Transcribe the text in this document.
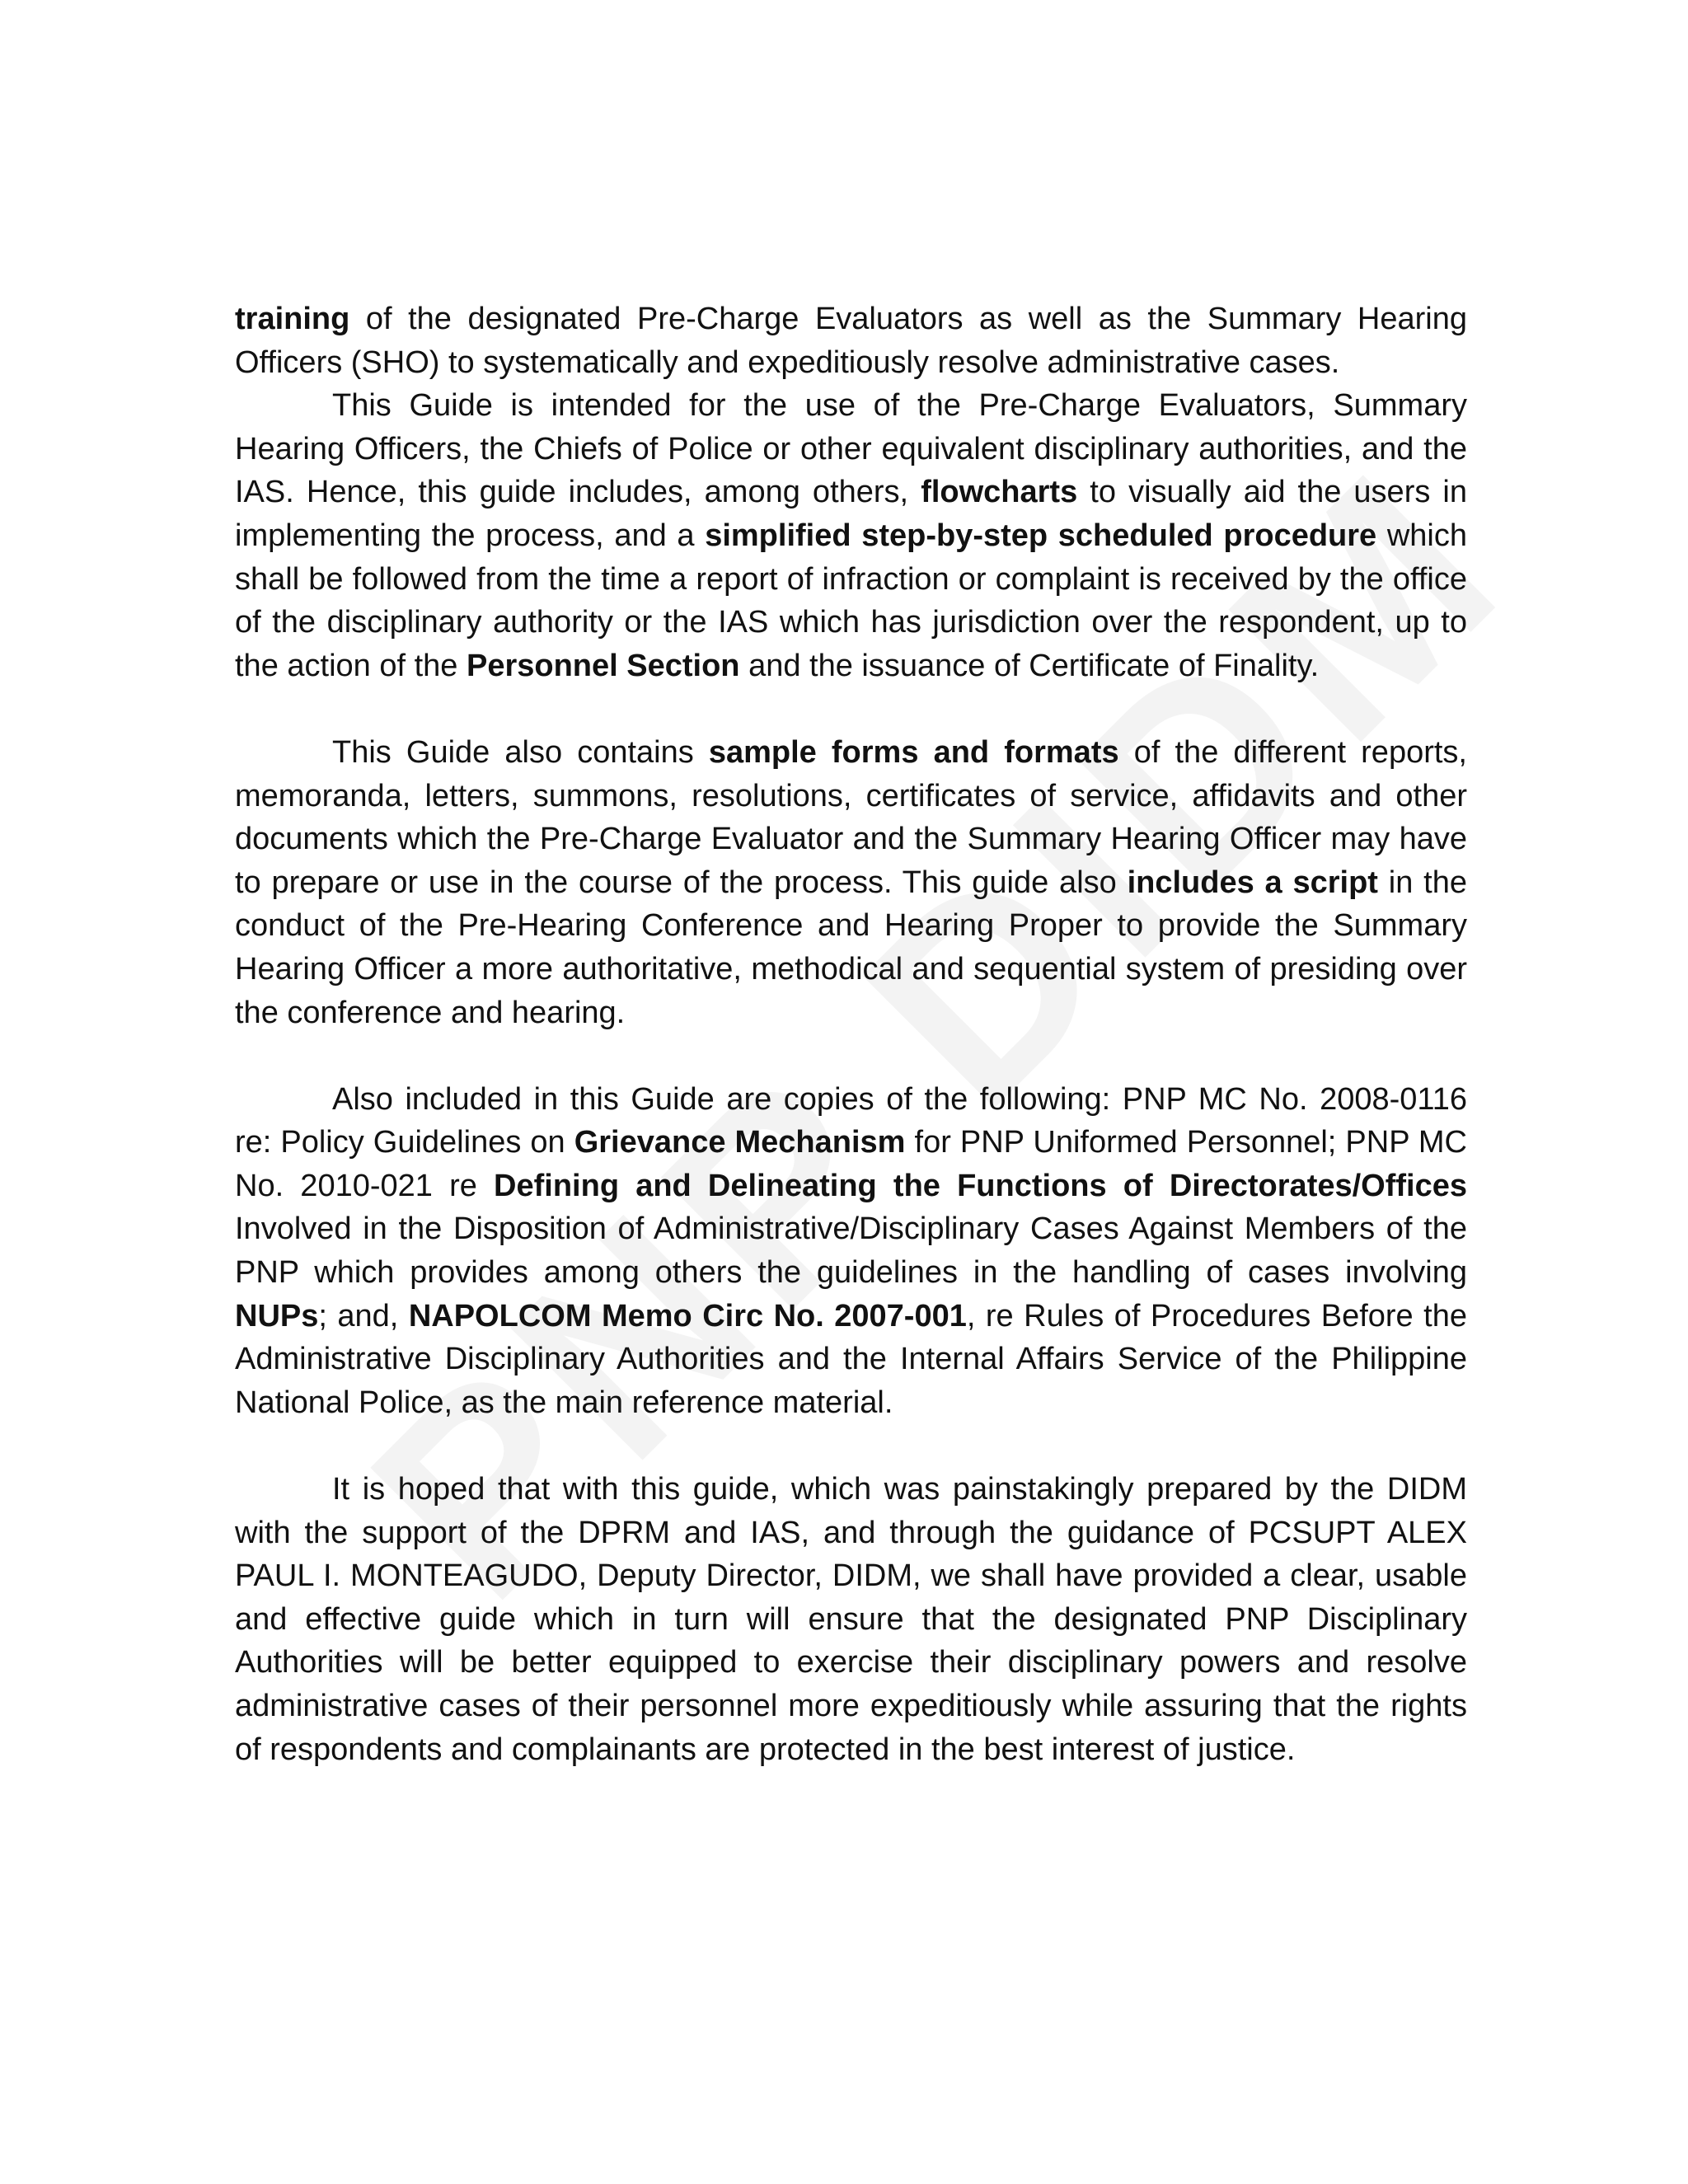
training of the designated Pre-Charge Evaluators as well as the Summary Hearing Officers (SHO) to systematically and expeditiously resolve administrative cases.

This Guide is intended for the use of the Pre-Charge Evaluators, Summary Hearing Officers, the Chiefs of Police or other equivalent disciplinary authorities, and the IAS. Hence, this guide includes, among others, flowcharts to visually aid the users in implementing the process, and a simplified step-by-step scheduled procedure which shall be followed from the time a report of infraction or complaint is received by the office of the disciplinary authority or the IAS which has jurisdiction over the respondent, up to the action of the Personnel Section and the issuance of Certificate of Finality.

This Guide also contains sample forms and formats of the different reports, memoranda, letters, summons, resolutions, certificates of service, affidavits and other documents which the Pre-Charge Evaluator and the Summary Hearing Officer may have to prepare or use in the course of the process. This guide also includes a script in the conduct of the Pre-Hearing Conference and Hearing Proper to provide the Summary Hearing Officer a more authoritative, methodical and sequential system of presiding over the conference and hearing.

Also included in this Guide are copies of the following: PNP MC No. 2008-0116 re: Policy Guidelines on Grievance Mechanism for PNP Uniformed Personnel; PNP MC No. 2010-021 re Defining and Delineating the Functions of Directorates/Offices Involved in the Disposition of Administrative/Disciplinary Cases Against Members of the PNP which provides among others the guidelines in the handling of cases involving NUPs; and, NAPOLCOM Memo Circ No. 2007-001, re Rules of Procedures Before the Administrative Disciplinary Authorities and the Internal Affairs Service of the Philippine National Police, as the main reference material.

It is hoped that with this guide, which was painstakingly prepared by the DIDM with the support of the DPRM and IAS, and through the guidance of PCSUPT ALEX PAUL I. MONTEAGUDO, Deputy Director, DIDM, we shall have provided a clear, usable and effective guide which in turn will ensure that the designated PNP Disciplinary Authorities will be better equipped to exercise their disciplinary powers and resolve administrative cases of their personnel more expeditiously while assuring that the rights of respondents and complainants are protected in the best interest of justice.
